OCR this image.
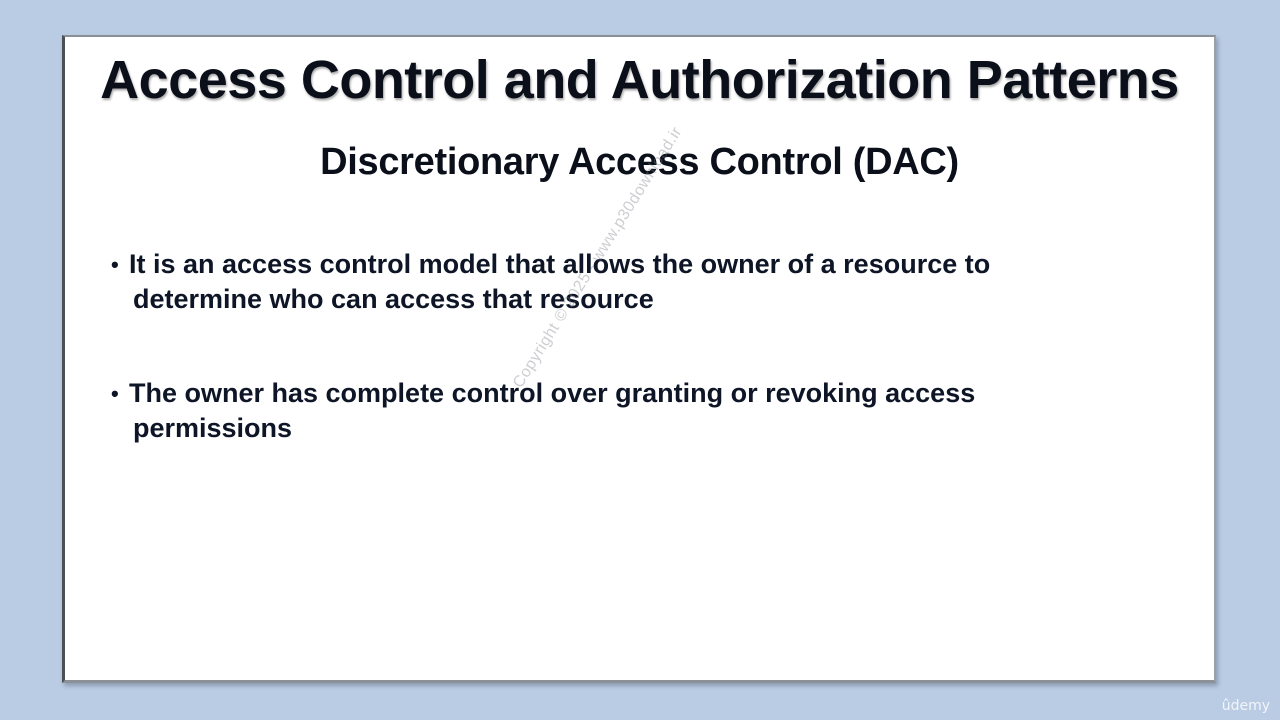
Access Control and Authorization Patterns
Discretionary Access Control (DAC)
• It is an access control model that allows the owner of a resource to
determine who can access that resource
• The owner has complete control over granting or revoking access
permissions
Copyright © 2025 - www.p30download.ir
ûdemy
